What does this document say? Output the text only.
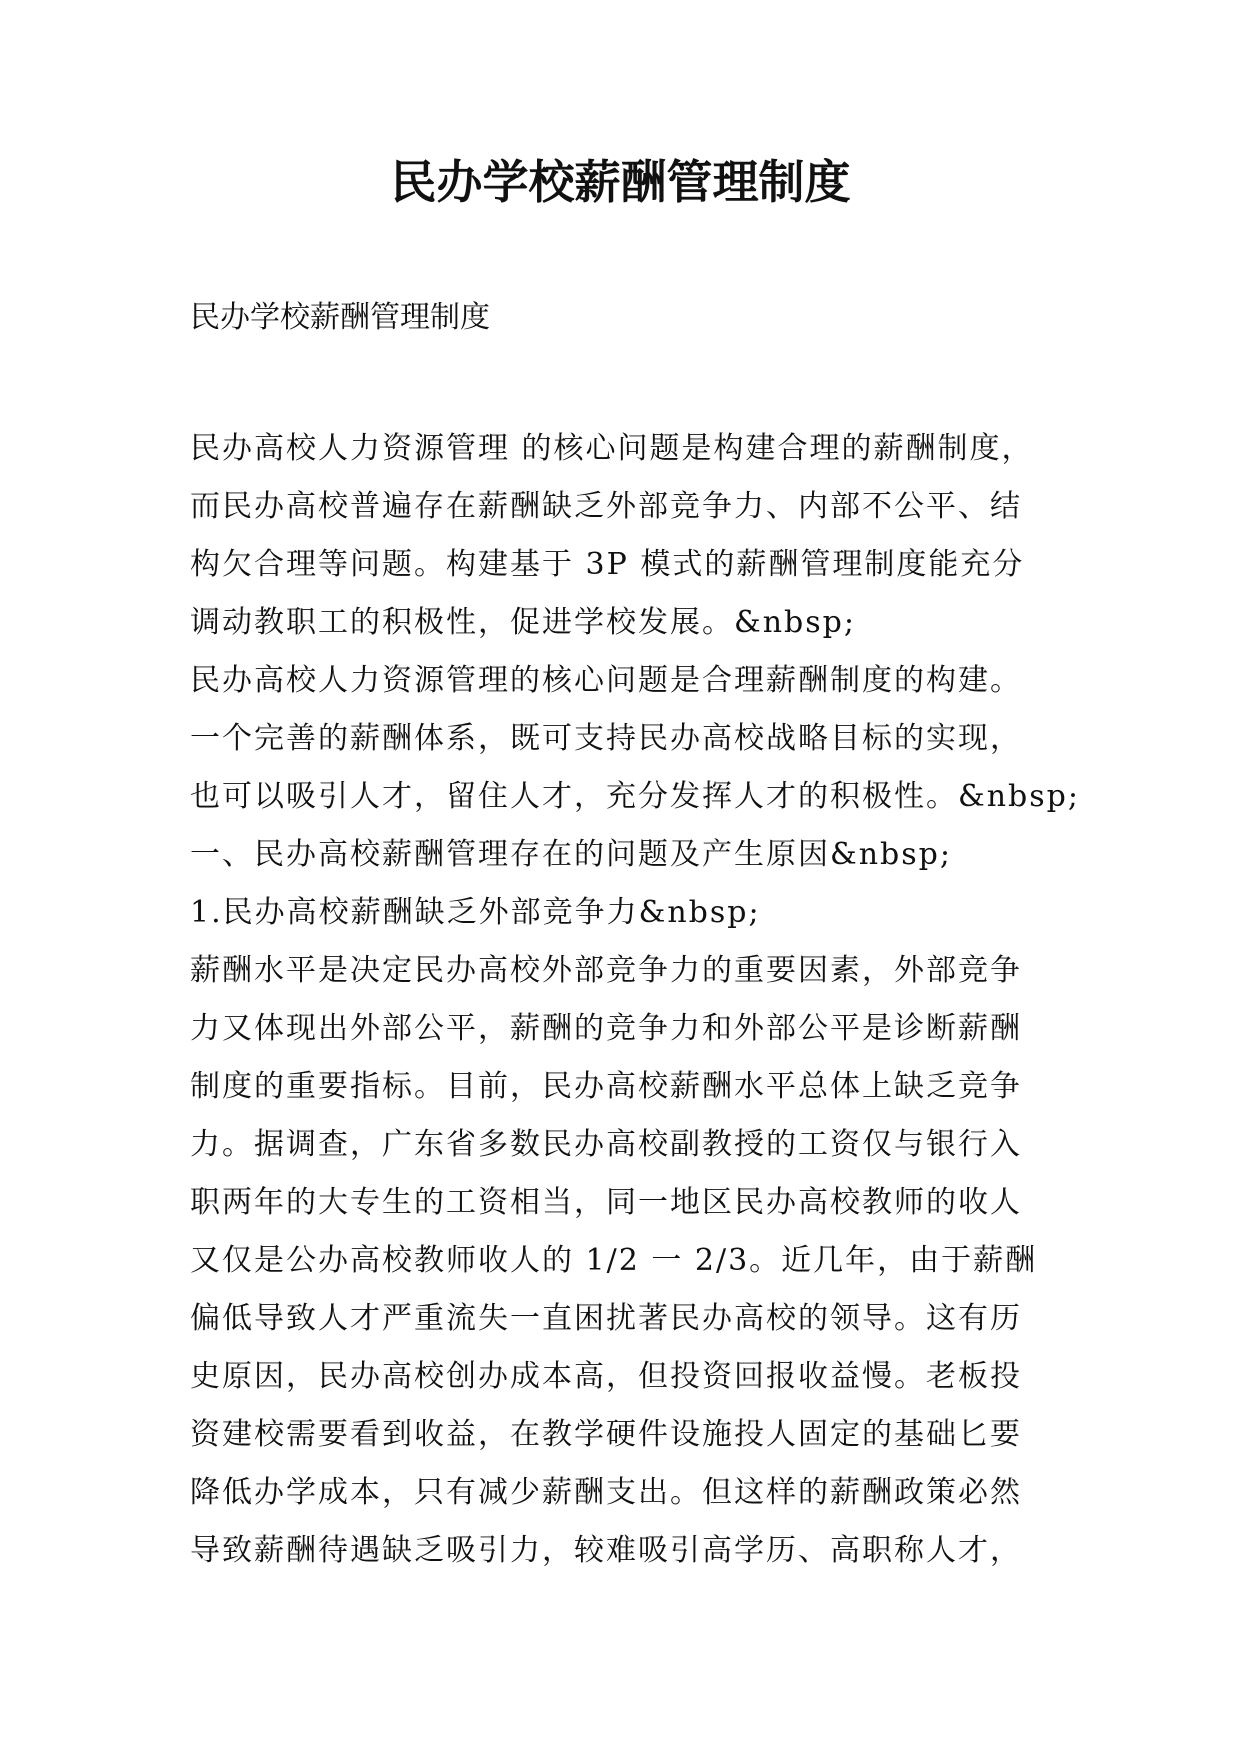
民办学校薪酬管理制度

民办学校薪酬管理制度

民办高校人力资源管理 的核心问题是构建合理的薪酬制度，

而民办高校普遍存在薪酬缺乏外部竞争力、内部不公平、结

构欠合理等问题。构建基于 3P 模式的薪酬管理制度能充分

调动教职工的积极性，促进学校发展。&nbsp;

民办高校人力资源管理的核心问题是合理薪酬制度的构建。

一个完善的薪酬体系，既可支持民办高校战略目标的实现，

也可以吸引人才，留住人才，充分发挥人才的积极性。&nbsp;

一、民办高校薪酬管理存在的问题及产生原因&nbsp;

1.民办高校薪酬缺乏外部竞争力&nbsp;

薪酬水平是决定民办高校外部竞争力的重要因素，外部竞争

力又体现出外部公平，薪酬的竞争力和外部公平是诊断薪酬

制度的重要指标。目前，民办高校薪酬水平总体上缺乏竞争

力。据调查，广东省多数民办高校副教授的工资仅与银行入

职两年的大专生的工资相当，同一地区民办高校教师的收人

又仅是公办高校教师收人的 1/2 一 2/3。近几年，由于薪酬

偏低导致人才严重流失一直困扰著民办高校的领导。这有历

史原因，民办高校创办成本高，但投资回报收益慢。老板投

资建校需要看到收益，在教学硬件设施投人固定的基础匕要

降低办学成本，只有减少薪酬支出。但这样的薪酬政策必然

导致薪酬待遇缺乏吸引力，较难吸引高学历、高职称人才，
